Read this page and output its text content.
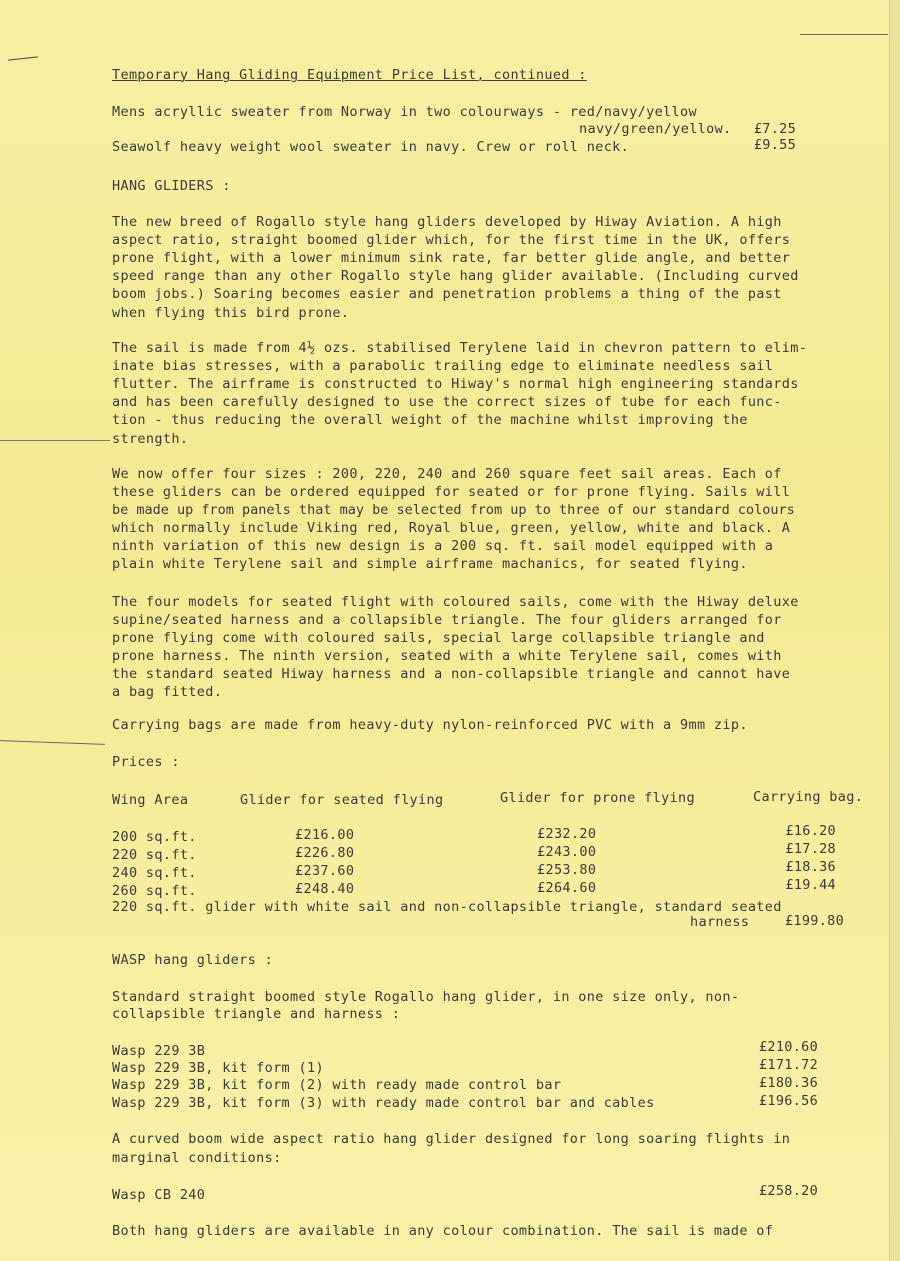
Temporary Hang Gliding Equipment Price List, continued :
Mens acryllic sweater from Norway in two colourways - red/navy/yellow
navy/green/yellow. £7.25
Seawolf heavy weight wool sweater in navy. Crew or roll neck.	£9.55
HANG GLIDERS :
The new breed of Rogallo style hang gliders developed by Hiway Aviation. A high
aspect ratio, straight boomed glider which, for the first time in the UK, offers
prone flight, with a lower minimum sink rate, far better glide angle, and better
speed range than any other Rogallo style hang glider available. (Including curved
boom jobs.) Soaring becomes easier and penetration problems a thing of the past
when flying this bird prone.
The sail is made from 4½ ozs. stabilised Terylene laid in chevron pattern to elim-
inate bias stresses, with a parabolic trailing edge to eliminate needless sail
flutter. The airframe is constructed to Hiway's normal high engineering standards
and has been carefully designed to use the correct sizes of tube for each func-
tion - thus reducing the overall weight of the machine whilst improving the
strength.
We now offer four sizes : 200, 220, 240 and 260 square feet sail areas. Each of
these gliders can be ordered equipped for seated or for prone flying. Sails will
be made up from panels that may be selected from up to three of our standard colours
which normally include Viking red, Royal blue, green, yellow, white and black. A
ninth variation of this new design is a 200 sq. ft. sail model equipped with a
plain white Terylene sail and simple airframe machanics, for seated flying.
The four models for seated flight with coloured sails, come with the Hiway deluxe
supine/seated harness and a collapsible triangle. The four gliders arranged for
prone flying come with coloured sails, special large collapsible triangle and
prone harness. The ninth version, seated with a white Terylene sail, comes with
the standard seated Hiway harness and a non-collapsible triangle and cannot have
a bag fitted.
Carrying bags are made from heavy-duty nylon-reinforced PVC with a 9mm zip.
Prices :
Wing Area	Glider for seated flying	Glider for prone flying	Carrying bag.
200 sq.ft.	£216.00	£232.20	£16.20
220 sq.ft.	£226.80	£243.00	£17.28
240 sq.ft.	£237.60	£253.80	£18.36
260 sq.ft.	£248.40	£264.60	£19.44
220 sq.ft. glider with white sail and non-collapsible triangle, standard seated
harness	£199.80
WASP hang gliders :
Standard straight boomed style Rogallo hang glider, in one size only, non-
collapsible triangle and harness :
Wasp 229 3B	£210.60
Wasp 229 3B, kit form (1)	£171.72
Wasp 229 3B, kit form (2) with ready made control bar	£180.36
Wasp 229 3B, kit form (3) with ready made control bar and cables	£196.56
A curved boom wide aspect ratio hang glider designed for long soaring flights in
marginal conditions:
Wasp CB 240	£258.20
Both hang gliders are available in any colour combination. The sail is made of
